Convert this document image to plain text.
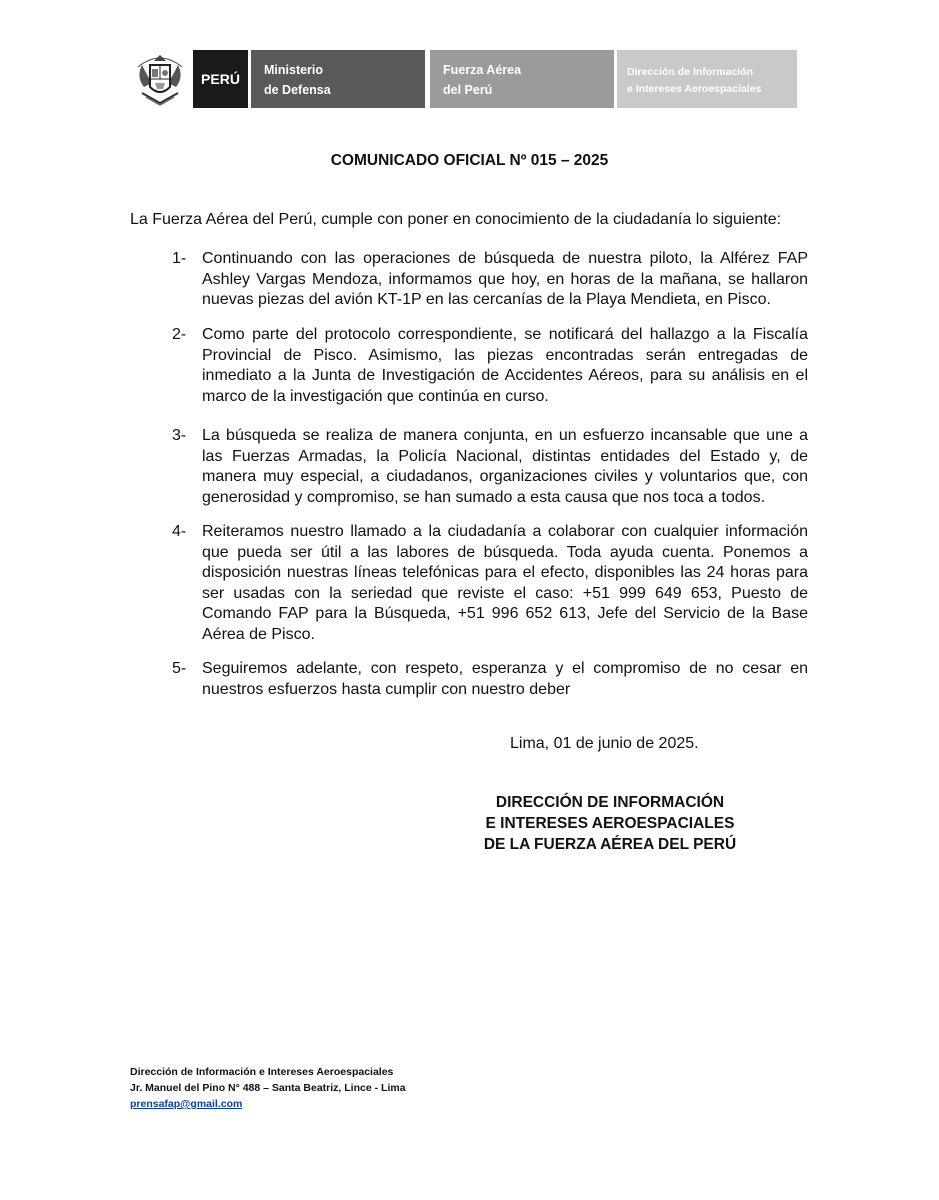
PERÚ
Ministerio
de Defensa
Fuerza Aérea
del Perú
Dirección de Información
e Intereses Aeroespaciales
COMUNICADO OFICIAL Nº 015 – 2025
La Fuerza Aérea del Perú, cumple con poner en conocimiento de la ciudadanía lo siguiente:
1- Continuando con las operaciones de búsqueda de nuestra piloto, la Alférez FAP Ashley Vargas Mendoza, informamos que hoy, en horas de la mañana, se hallaron nuevas piezas del avión KT-1P en las cercanías de la Playa Mendieta, en Pisco.
2- Como parte del protocolo correspondiente, se notificará del hallazgo a la Fiscalía Provincial de Pisco. Asimismo, las piezas encontradas serán entregadas de inmediato a la Junta de Investigación de Accidentes Aéreos, para su análisis en el marco de la investigación que continúa en curso.
3- La búsqueda se realiza de manera conjunta, en un esfuerzo incansable que une a las Fuerzas Armadas, la Policía Nacional, distintas entidades del Estado y, de manera muy especial, a ciudadanos, organizaciones civiles y voluntarios que, con generosidad y compromiso, se han sumado a esta causa que nos toca a todos.
4- Reiteramos nuestro llamado a la ciudadanía a colaborar con cualquier información que pueda ser útil a las labores de búsqueda. Toda ayuda cuenta. Ponemos a disposición nuestras líneas telefónicas para el efecto, disponibles las 24 horas para ser usadas con la seriedad que reviste el caso: +51 999 649 653, Puesto de Comando FAP para la Búsqueda, +51 996 652 613, Jefe del Servicio de la Base Aérea de Pisco.
5- Seguiremos adelante, con respeto, esperanza y el compromiso de no cesar en nuestros esfuerzos hasta cumplir con nuestro deber
Lima, 01 de junio de 2025.
DIRECCIÓN DE INFORMACIÓN
E INTERESES AEROESPACIALES
DE LA FUERZA AÉREA DEL PERÚ
Dirección de Información e Intereses Aeroespaciales
Jr. Manuel del Pino N° 488 – Santa Beatriz, Lince - Lima
prensafap@gmail.com
